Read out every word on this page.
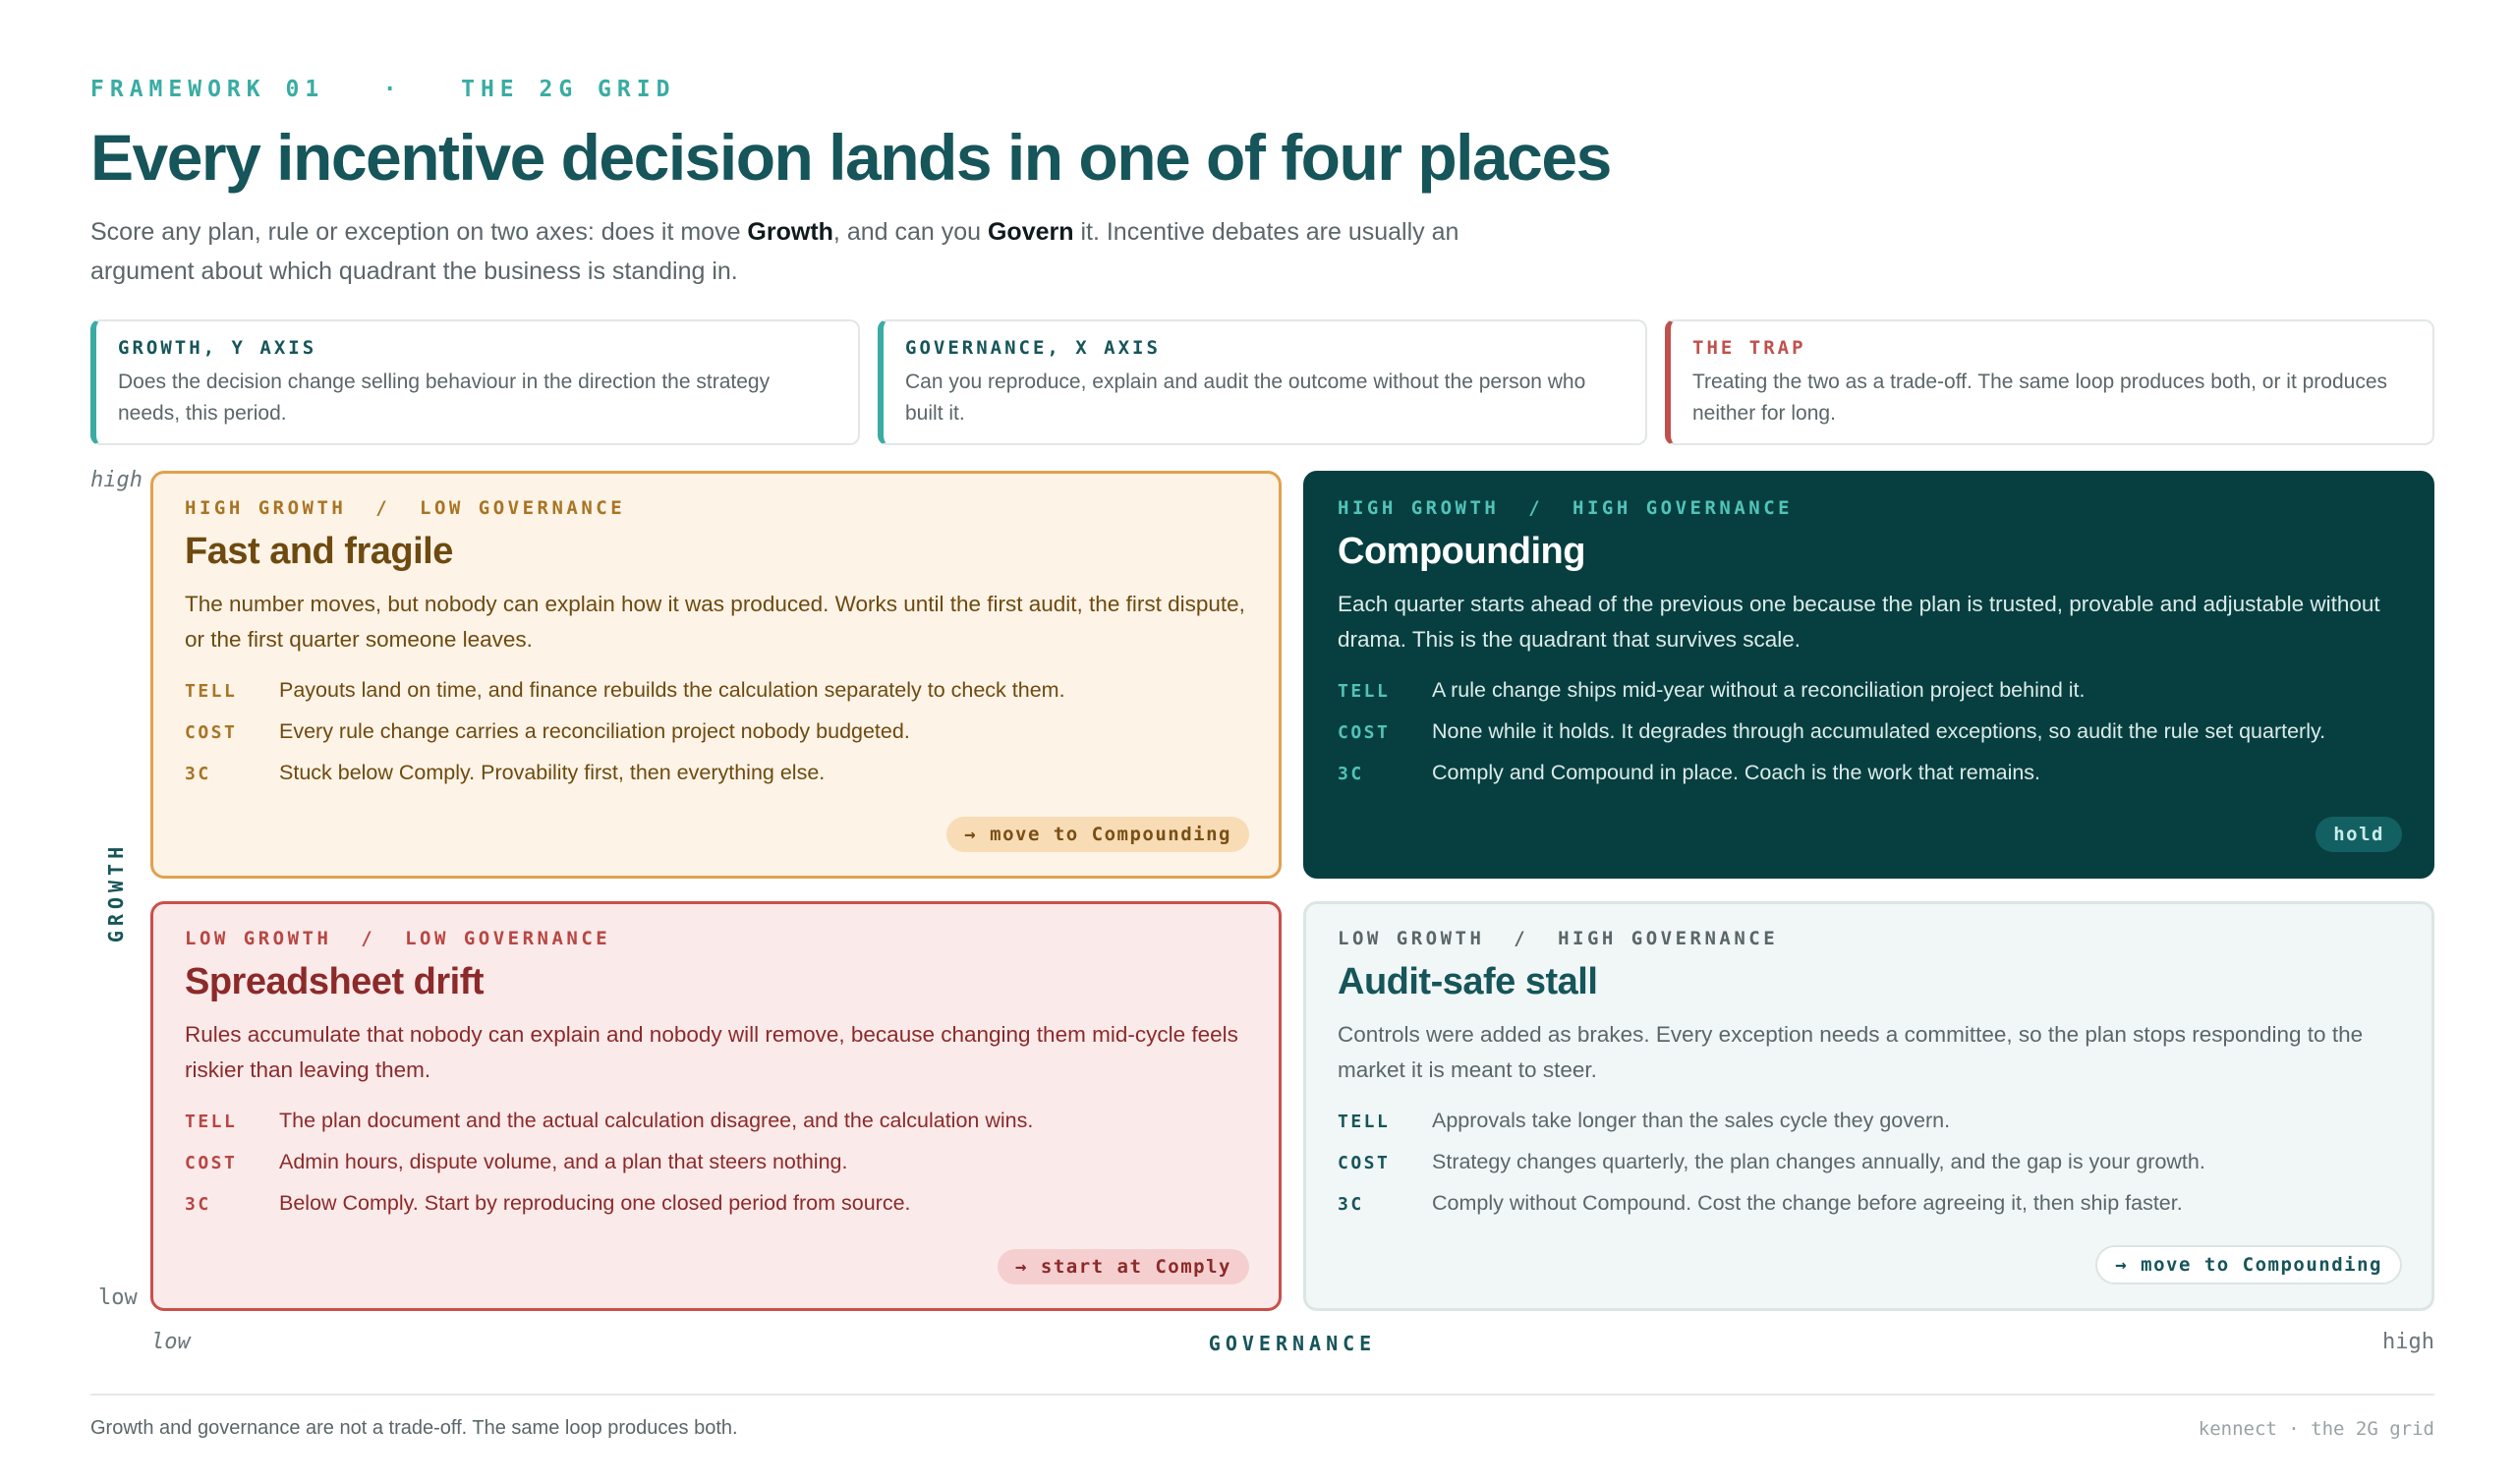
FRAMEWORK 01   ·   THE 2G GRID
Every incentive decision lands in one of four places

Score any plan, rule or exception on two axes: does it move Growth, and can you Govern it. Incentive debates are usually an argument about which quadrant the business is standing in.

GROWTH, Y AXIS
Does the decision change selling behaviour in the direction the strategy needs, this period.
GOVERNANCE, X AXIS
Can you reproduce, explain and audit the outcome without the person who built it.
THE TRAP
Treating the two as a trade-off. The same loop produces both, or it produces neither for long.
high
low
GROWTH
HIGH GROWTH  /  LOW GOVERNANCE
Fast and fragile
The number moves, but nobody can explain how it was produced. Works until the first audit, the first dispute, or the first quarter someone leaves.
TELL	Payouts land on time, and finance rebuilds the calculation separately to check them.
COST	Every rule change carries a reconciliation project nobody budgeted.
3C	Stuck below Comply. Provability first, then everything else.
→ move to Compounding
HIGH GROWTH  /  HIGH GOVERNANCE
Compounding
Each quarter starts ahead of the previous one because the plan is trusted, provable and adjustable without drama. This is the quadrant that survives scale.
TELL	A rule change ships mid-year without a reconciliation project behind it.
COST	None while it holds. It degrades through accumulated exceptions, so audit the rule set quarterly.
3C	Comply and Compound in place. Coach is the work that remains.
hold
LOW GROWTH  /  LOW GOVERNANCE
Spreadsheet drift
Rules accumulate that nobody can explain and nobody will remove, because changing them mid-cycle feels riskier than leaving them.
TELL	The plan document and the actual calculation disagree, and the calculation wins.
COST	Admin hours, dispute volume, and a plan that steers nothing.
3C	Below Comply. Start by reproducing one closed period from source.
→ start at Comply
LOW GROWTH  /  HIGH GOVERNANCE
Audit-safe stall
Controls were added as brakes. Every exception needs a committee, so the plan stops responding to the market it is meant to steer.
TELL	Approvals take longer than the sales cycle they govern.
COST	Strategy changes quarterly, the plan changes annually, and the gap is your growth.
3C	Comply without Compound. Cost the change before agreeing it, then ship faster.
→ move to Compounding
low	GOVERNANCE	high
Growth and governance are not a trade-off. The same loop produces both.	kennect · the 2G grid
